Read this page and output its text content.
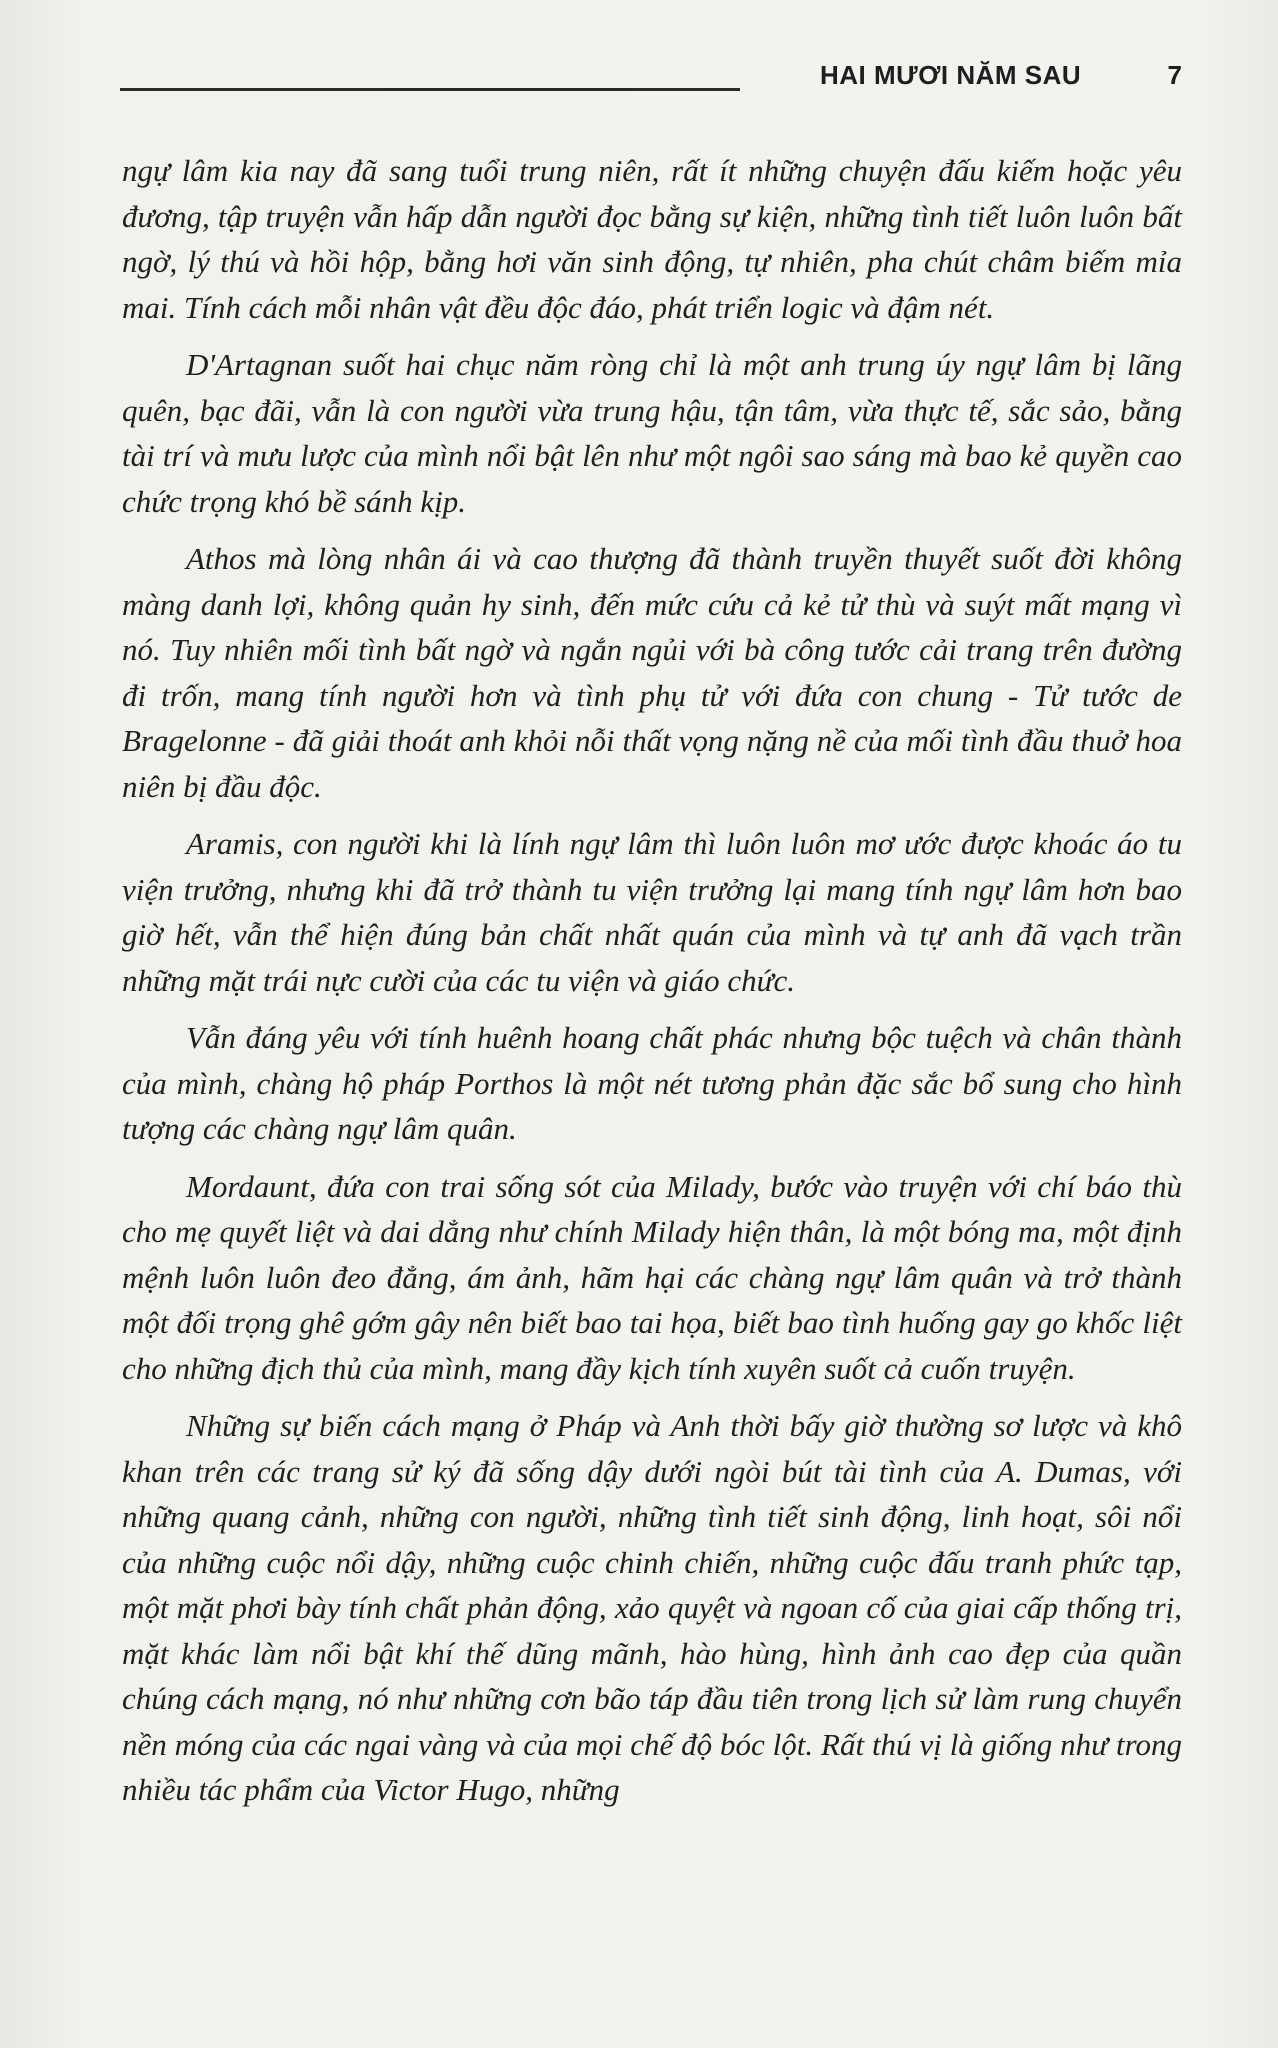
HAI MƯƠI NĂM SAU	7

ngự lâm kia nay đã sang tuổi trung niên, rất ít những chuyện đấu kiếm hoặc yêu đương, tập truyện vẫn hấp dẫn người đọc bằng sự kiện, những tình tiết luôn luôn bất ngờ, lý thú và hồi hộp, bằng hơi văn sinh động, tự nhiên, pha chút châm biếm mỉa mai. Tính cách mỗi nhân vật đều độc đáo, phát triển logic và đậm nét.

D'Artagnan suốt hai chục năm ròng chỉ là một anh trung úy ngự lâm bị lãng quên, bạc đãi, vẫn là con người vừa trung hậu, tận tâm, vừa thực tế, sắc sảo, bằng tài trí và mưu lược của mình nổi bật lên như một ngôi sao sáng mà bao kẻ quyền cao chức trọng khó bề sánh kịp.

Athos mà lòng nhân ái và cao thượng đã thành truyền thuyết suốt đời không màng danh lợi, không quản hy sinh, đến mức cứu cả kẻ tử thù và suýt mất mạng vì nó. Tuy nhiên mối tình bất ngờ và ngắn ngủi với bà công tước cải trang trên đường đi trốn, mang tính người hơn và tình phụ tử với đứa con chung - Tử tước de Bragelonne - đã giải thoát anh khỏi nỗi thất vọng nặng nề của mối tình đầu thuở hoa niên bị đầu độc.

Aramis, con người khi là lính ngự lâm thì luôn luôn mơ ước được khoác áo tu viện trưởng, nhưng khi đã trở thành tu viện trưởng lại mang tính ngự lâm hơn bao giờ hết, vẫn thể hiện đúng bản chất nhất quán của mình và tự anh đã vạch trần những mặt trái nực cười của các tu viện và giáo chức.

Vẫn đáng yêu với tính huênh hoang chất phác nhưng bộc tuệch và chân thành của mình, chàng hộ pháp Porthos là một nét tương phản đặc sắc bổ sung cho hình tượng các chàng ngự lâm quân.

Mordaunt, đứa con trai sống sót của Milady, bước vào truyện với chí báo thù cho mẹ quyết liệt và dai dẳng như chính Milady hiện thân, là một bóng ma, một định mệnh luôn luôn đeo đẳng, ám ảnh, hãm hại các chàng ngự lâm quân và trở thành một đối trọng ghê gớm gây nên biết bao tai họa, biết bao tình huống gay go khốc liệt cho những địch thủ của mình, mang đầy kịch tính xuyên suốt cả cuốn truyện.

Những sự biến cách mạng ở Pháp và Anh thời bấy giờ thường sơ lược và khô khan trên các trang sử ký đã sống dậy dưới ngòi bút tài tình của A. Dumas, với những quang cảnh, những con người, những tình tiết sinh động, linh hoạt, sôi nổi của những cuộc nổi dậy, những cuộc chinh chiến, những cuộc đấu tranh phức tạp, một mặt phơi bày tính chất phản động, xảo quyệt và ngoan cố của giai cấp thống trị, mặt khác làm nổi bật khí thế dũng mãnh, hào hùng, hình ảnh cao đẹp của quần chúng cách mạng, nó như những cơn bão táp đầu tiên trong lịch sử làm rung chuyển nền móng của các ngai vàng và của mọi chế độ bóc lột. Rất thú vị là giống như trong nhiều tác phẩm của Victor Hugo, những
